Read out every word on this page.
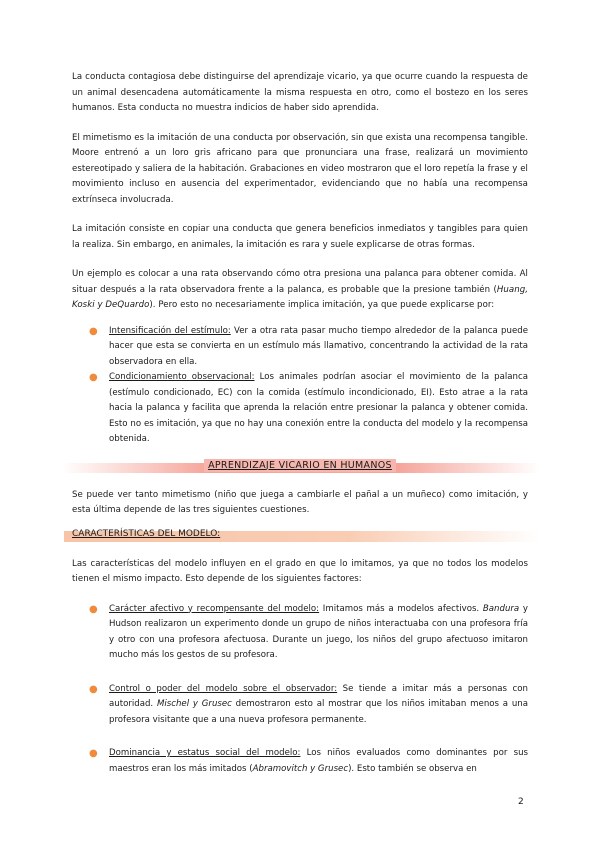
La conducta contagiosa debe distinguirse del aprendizaje vicario, ya que ocurre cuando la respuesta de un animal desencadena automáticamente la misma respuesta en otro, como el bostezo en los seres humanos. Esta conducta no muestra indicios de haber sido aprendida.

El mimetismo es la imitación de una conducta por observación, sin que exista una recompensa tangible. Moore entrenó a un loro gris africano para que pronunciara una frase, realizará un movimiento estereotipado y saliera de la habitación. Grabaciones en video mostraron que el loro repetía la frase y el movimiento incluso en ausencia del experimentador, evidenciando que no había una recompensa extrínseca involucrada.

La imitación consiste en copiar una conducta que genera beneficios inmediatos y tangibles para quien la realiza. Sin embargo, en animales, la imitación es rara y suele explicarse de otras formas.

Un ejemplo es colocar a una rata observando cómo otra presiona una palanca para obtener comida. Al situar después a la rata observadora frente a la palanca, es probable que la presione también (Huang, Koski y DeQuardo). Pero esto no necesariamente implica imitación, ya que puede explicarse por:

● Intensificación del estímulo: Ver a otra rata pasar mucho tiempo alrededor de la palanca puede hacer que esta se convierta en un estímulo más llamativo, concentrando la actividad de la rata observadora en ella.
● Condicionamiento observacional: Los animales podrían asociar el movimiento de la palanca (estímulo condicionado, EC) con la comida (estímulo incondicionado, EI). Esto atrae a la rata hacia la palanca y facilita que aprenda la relación entre presionar la palanca y obtener comida. Esto no es imitación, ya que no hay una conexión entre la conducta del modelo y la recompensa obtenida.
APRENDIZAJE VICARIO EN HUMANOS

Se puede ver tanto mimetismo (niño que juega a cambiarle el pañal a un muñeco) como imitación, y esta última depende de las tres siguientes cuestiones.

CARACTERÍSTICAS DEL MODELO:

Las características del modelo influyen en el grado en que lo imitamos, ya que no todos los modelos tienen el mismo impacto. Esto depende de los siguientes factores:

● Carácter afectivo y recompensante del modelo: Imitamos más a modelos afectivos. Bandura y Hudson realizaron un experimento donde un grupo de niños interactuaba con una profesora fría y otro con una profesora afectuosa. Durante un juego, los niños del grupo afectuoso imitaron mucho más los gestos de su profesora.
● Control o poder del modelo sobre el observador: Se tiende a imitar más a personas con autoridad. Mischel y Grusec demostraron esto al mostrar que los niños imitaban menos a una profesora visitante que a una nueva profesora permanente.
● Dominancia y estatus social del modelo: Los niños evaluados como dominantes por sus maestros eran los más imitados (Abramovitch y Grusec). Esto también se observa en
2
